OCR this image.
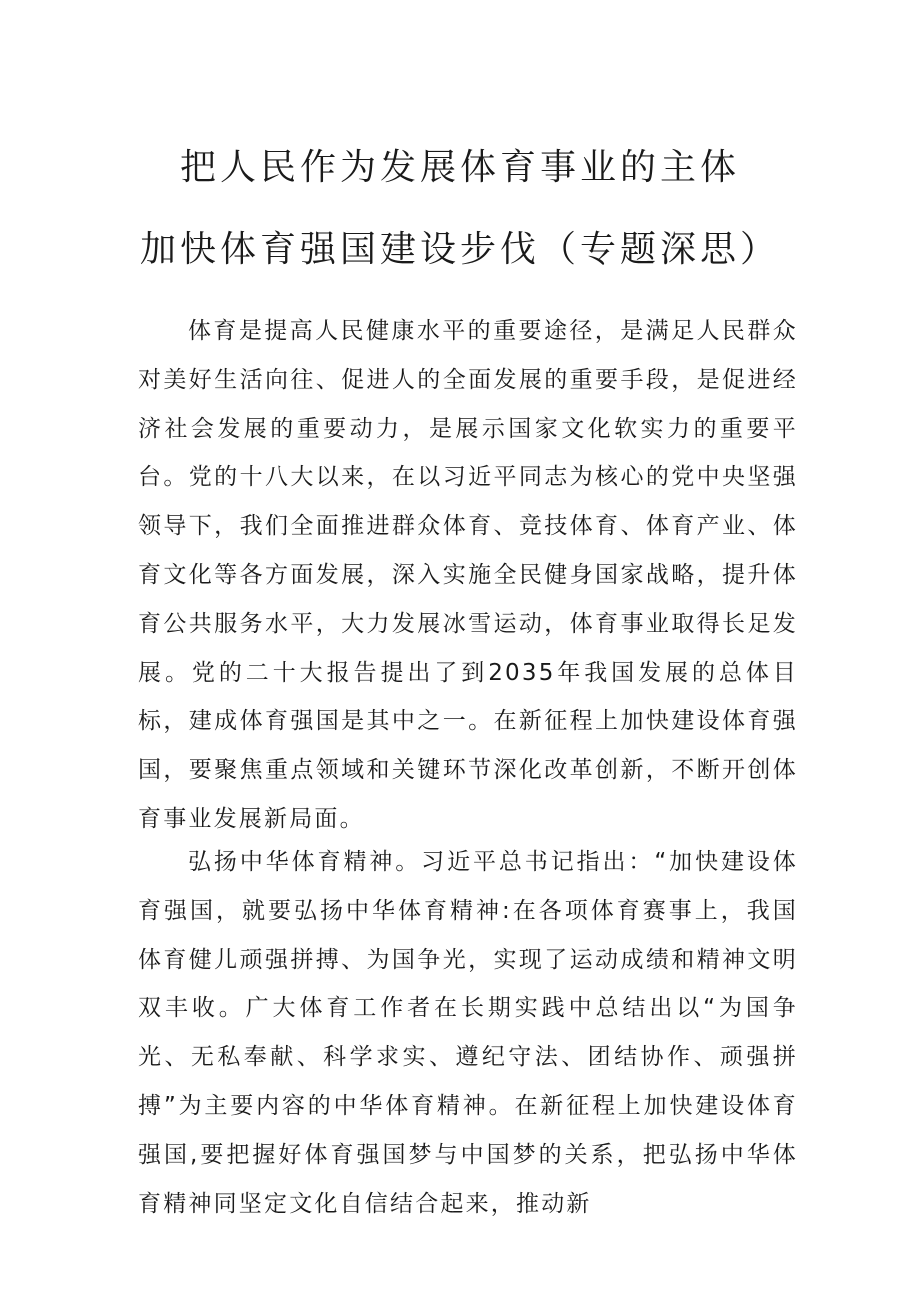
把人民作为发展体育事业的主体
加快体育强国建设步伐（专题深思）

体育是提高人民健康水平的重要途径，是满足人民群众对美好生活向往、促进人的全面发展的重要手段，是促进经济社会发展的重要动力，是展示国家文化软实力的重要平台。党的十八大以来，在以习近平同志为核心的党中央坚强领导下，我们全面推进群众体育、竞技体育、体育产业、体育文化等各方面发展，深入实施全民健身国家战略，提升体育公共服务水平，大力发展冰雪运动，体育事业取得长足发展。党的二十大报告提出了到2035年我国发展的总体目标，建成体育强国是其中之一。在新征程上加快建设体育强国，要聚焦重点领域和关键环节深化改革创新，不断开创体育事业发展新局面。

弘扬中华体育精神。习近平总书记指出：“加快建设体育强国，就要弘扬中华体育精神:在各项体育赛事上，我国体育健儿顽强拼搏、为国争光，实现了运动成绩和精神文明双丰收。广大体育工作者在长期实践中总结出以“为国争光、无私奉献、科学求实、遵纪守法、团结协作、顽强拼搏”为主要内容的中华体育精神。在新征程上加快建设体育强国,要把握好体育强国梦与中国梦的关系，把弘扬中华体育精神同坚定文化自信结合起来，推动新
